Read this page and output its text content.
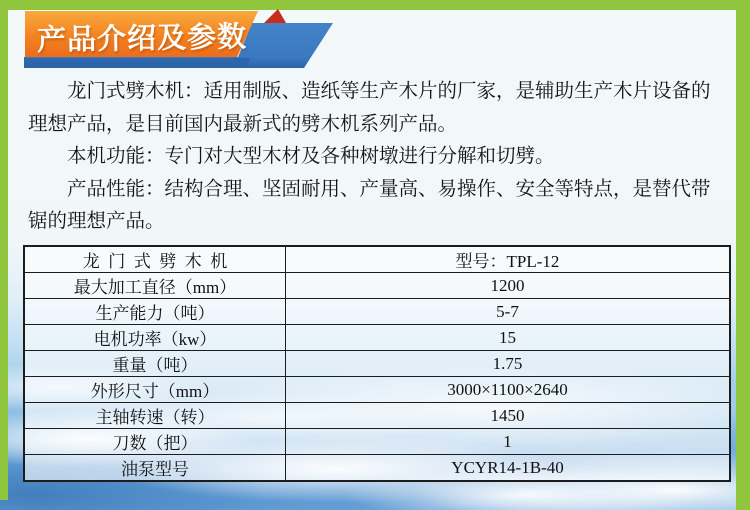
产品介绍及参数

龙门式劈木机：适用制版、造纸等生产木片的厂家，是辅助生产木片设备的理想产品，是目前国内最新式的劈木机系列产品。

本机功能：专门对大型木材及各种树墩进行分解和切劈。

产品性能：结构合理、坚固耐用、产量高、易操作、安全等特点，是替代带锯的理想产品。

龙门式劈木机	型号：TPL-12
最大加工直径（mm）	1200
生产能力（吨）	5-7
电机功率（kw）	15
重量（吨）	1.75
外形尺寸（mm）	3000×1100×2640
主轴转速（转）	1450
刀数（把）	1
油泵型号	YCYR14-1B-40
